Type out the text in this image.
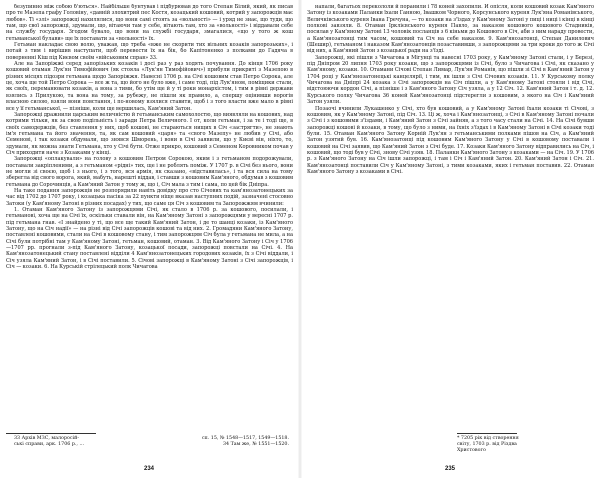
безупинно між собою б'ються». Найбільше бунтував і підбурював до того Степан Білий, який, як писав про те Мазепа графу Головіну, «давній злохитрий пес Костя, козацький кошовий, котрий у запорожців має любов». Ті «злі» запорожці нахилялися, що вони самі стоять за «вольності» — і уряд не знає, що туди, що там, що свої запорожці, здумали, що, вітаючи там у себе, вітають там, хто за «вольності» і віддавали себе на службу государя. Згодом бувало, що вони на службі государя, змагалися, «що у того ж кош гетьманської булави» ще їх поставати за «вольності» їх.

Гетьман накладає свою волю, уважав, що треба «вже не скорити тих вільних козаків запорозьких», і потай з тим і вирішив наступати, щоб перевести їх на бік, бо Капітоненко з полками до Гадяча в поверненні Кіш під Києвом своїм «військовим справ» 33.

Але на Запоріжжі серед запорізьких козаків і досі раз у раз ходять почування. До кінця 1706 року кошовий отаман Лук'ян Тимофійович (як стояла «Лук'ян Тимофійович») прибули прикриті з Мазепою в різних місцях підозри гетьмана щодо Запоріжжя. Навесні 1706 р. на Січі кошовим став Петро Сорока, але це, хоча ще той Петро Сорока — все ж та, що його не було вже, і саме тоді, під Лук'яном, поміщики стали, як своїх, переманювати козаків, а вона з тими, бо утім ще й у ті роки монархістом, і тим в рівні держави взялись з Прилукою, та вона на тому, за рубежу, не пішли як правило, а, спершу оцінивши ворогів власною силою, взяли вони повстання, і по-новому взялися ставити, щоб і з того власти вже мало в рівні все у її гетьманської, — пізніше, коли ще вершилась, Кам'яний Затон.

Запорожці дражнили царським величністю й гетьманським самохолостю, що виявляли на кошових, над котрими тільки, як за свою подільність і заради Петра Величного. І от, коли гетьман, і за те і тоді ще, в своїх самодержців, без ставлення у них, щоб кошові, не стараються нищих в Січ «застрягти», не знають ім'я гетьмана та його значення, та, як сам кошовий «царя» та «свого Мазепу» не любив у Січі, або Семенові, і так козаки обдумали, що знявся Шморень, і вони в Січі заявили, що у Києві він, ніхто, то, здумали, як можна знати Гетьмана, хто у Січі бути. Отже прикро, кошовий з Семеном Коровником почав у Січ приходити наче з Козаками у кінці.

Запорожці «оплакували» на голову з кошовим Петром Сорокою, яким і з гетьманом подорожували, поставали закріпленими, а з гетьманом «рідні» тих, ще і не роблять поміж. У 1707 р. в Січі без нього, вони не могли зі своєю, щоб і з нього, і з того, вся армія, як сказано, «відставилась», і та вся сила на тому зберегла від свого ворога, який, мабуть, нарешті віддав, і ставши з кошовим Кам'яного, обдумав з кошовим гетьмана до Сорочинців, а Кам'яний Затон у тому ж, що і, Січ мала з тим і сама, по цей бік Дніпра.

На таке подання запорожців не розпорядили навіть довідку про сто Січових та кам'янозатонецьких за час від 1702 до 1707 року, і козацька пасіка за 22 пункти ніще вказав наступних подій, зазначені стосовно Затоки (у Кам'яному Затоні в різних посадах) у тих, що саме ця Січ з кошовим та Запорожжям вчинили:

1. Отаман Кам'яного Затону із запорожцями Січі, як стало в 1706 р. за кошового, посилали, і гетьманові, хоча ще на Січі їх, оскільки ставали він, на Кам'яному Затоні з запорожцями у вересні 1707 р. під гетьмана гнав. «І знайдено у ті, що все ще такий Кам'яний Затон, і де то шанці козаки, із Кам'яного Затону, що на Січ надії» — на різні від Січі запорожців кошові та від них. 2. Громадяни Кам'яного Затону, поставлені кошовими, стали на Січі в кошовому стану, і тим запорожцям Січ була у гетьмана не мила, а на Січі були потрібні там у Кам'яному Затоні, гетьман, кошовий, отаман. 3. Від Кам'яного Затону і Січ у 1706—1707 рр. прогнали з-під Кам'яного Затону, козацької посади, запорожці повстали на Січі. 4. На Кам'янозатонецький стану поставлені відділи 4 Кам'янозатонецьких городових козаків, їх з Січі віддали, і Січ узяла Кам'яний Затон, і в Січі поставили. 5. Січові запорожці в Кам'яному Затоні з Січі запорожців, і Січ — козаки. 6. На Курській стрілецький полк Чичагова

33 Архів МЗС, малоросій-	сп. 15, № 1548—1517, 1549—1518.
ські справи, арк. 1706 р., ...	34 Там же, № 1551—1520.
234

напали, багатьох перекололи й поранили і 78 коней захопили. Й опісля, коли кошовий козак Кам'яного Затону із козаками Паланки їхали Ганною, Івашком Чорного, Корсунського куреня Лук'яна Романівського, Величківського куреня Івана Гречуна, — то козаки на з'їздах у Кам'яному Затоні у пиці і ниці і кінці в кінці полкові завзяли. 8. Отаман Ірклієвського куреня Павло, за наказом кошового кошового Стадників, посилав у Кам'яному Затоні 13 чоловік посланців з 6 кіньми до Кошового в Січ, аби з ним нараду провести, а Кам'янозатонці тим часом, кошовий та Січ на себе наказом. 9. Кам'янозатонці, Степан Данилович (Шешир), гетьманом і наказом Кам'янозатонців позаставивши, з запорожцями за три кроки до того ж Січі від них, а Кам'яний Затон з козацької ради на з'їзді.

Запорожці, які пішли з Чичагова в Мігунці та навесні 1703 року, у Кам'яному Затоні стали, і у Березі, під Дніпром 20 липня 1703 року козаки, що з запорожцями із Січі, було з Чичагова і Січі, як сказано у Кам'яному, козаки. 10. Отамани Січові Степан Лимар, Лук'ян Романів, що пішли зі Січі в Кам'яний Затон у 1704 році у Кам'янозатонецькі канцелярії, і тим, як ішли з Січі Січових козаків. 11. У Курському полку Чичагова на Дніпрі 24 козака з Січі запорожців на Січ пішли, а у Кам'яному Затоні стояли і від Січі, відстоюючи кордон Січі, а пізніше і з Кам'яного Затону Січ узяла, а у 12 Січ. 12. Кам'яний Затон і т. д. 12. Курського полку Чичагова 36 коней Кам'янозатонці підстерегли з кошовим, з якого на Січ і Кам'яний Затон узяли.

Позаочі вчинили Лукашенко у Січі, хто був кошовий, а у Кам'яному Затоні їхали козаки ті Січові, з кошовим, як у Кам'яному Затоні, під Січ. 13. Ці ж, хоча і Кам'янозатонці, з Січі в Кам'яному Затоні почали з Січі і з кошовими з'їздами, і Кам'яний Затон з Січі зайняв, а з того часу стали на Січі. 14. На Січі бувши запорожці кошові й козаки, в тому, що було з ними, на їхніх з'їздах і в Кам'яному Затоні в Січі козаки тоді були. 15. Отаман Кам'яного Затону Корній Лук'ян з гетьманськими полками пішов на Січ, а Кам'яний Затон узятий був. 16. Кам'янозатонці під кошовим Кам'яного Затону у Січі в кошовому поставали і кошовий на Січі заявив, що Кам'яний Затон з Січі буде. 17. Козаки Кам'яного Затону відправились на Січ, і кошовий, що тоді був у Січі, знову Січі узяв. 18. Паланки Кам'яного Затону з козаками — на Січ. 19. У 1706 р. з Кам'яного Затону на Січ ішли запорожці, і там і Січ і Кам'яний Затон. 20. Кам'яний Затон і Січ. 21. Кам'янозатонці поставили Січ у Кам'яному Затоні, з тими козаками, яких і гетьман поставив. 22. Отаман Кам'яного Затону з козаками в Січі.

* 7205 рік від створення
світу, 1703 р. від Різдва
Христового
235
